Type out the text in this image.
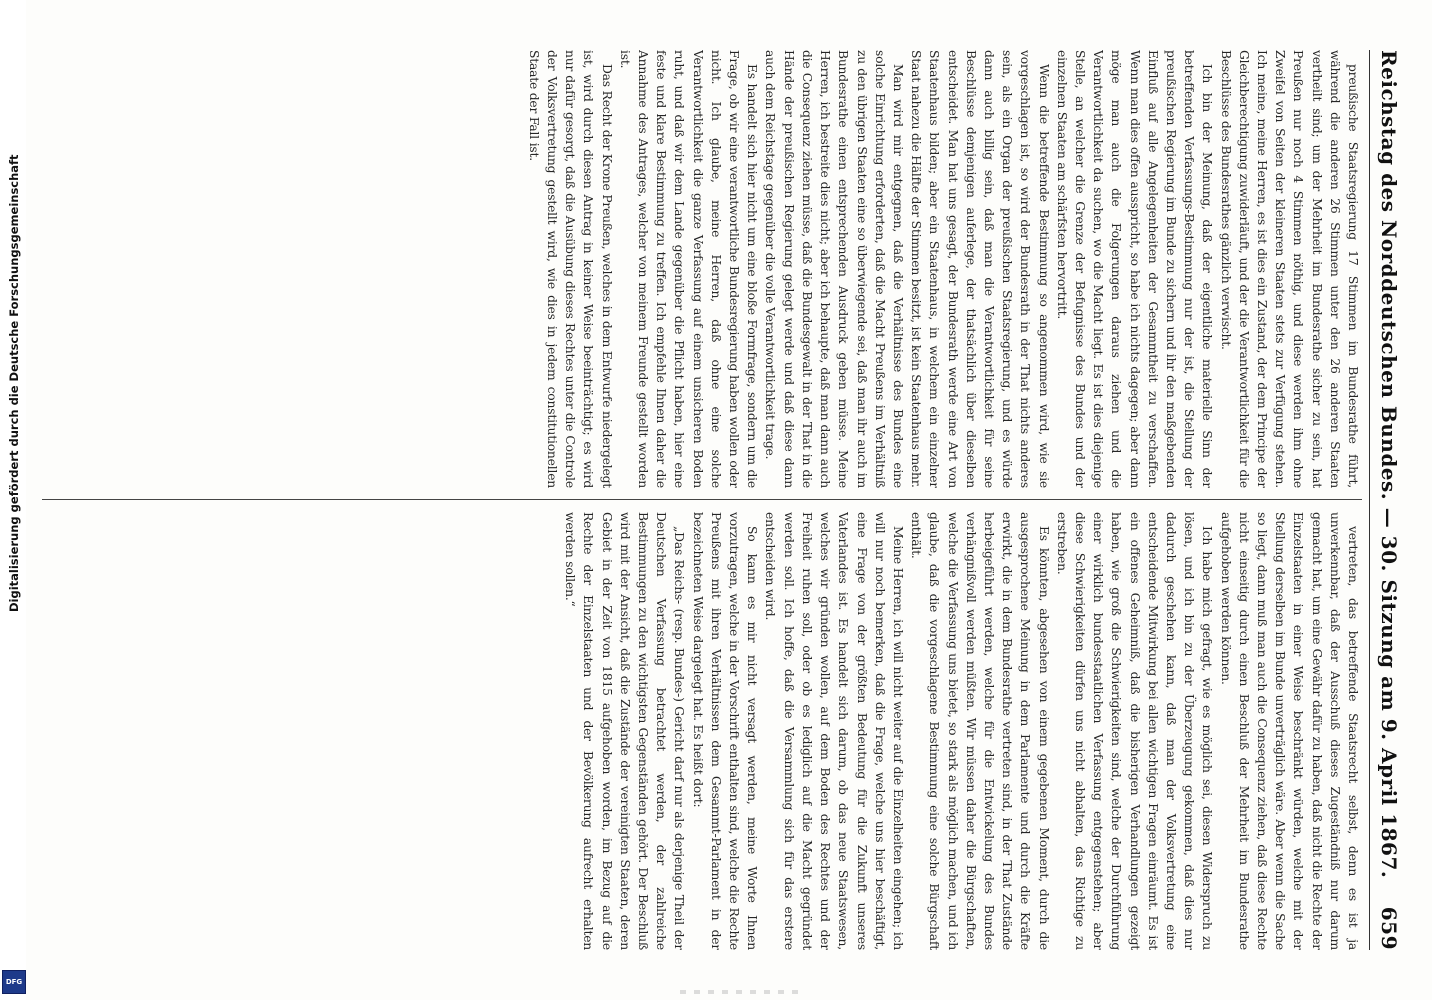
Reichstag des Norddeutschen Bundes. — 30. Sitzung am 9. April 1867.
659

preußische Staatsregierung 17 Stimmen im Bundesrathe führt, während die anderen 26 Stimmen unter den 26 anderen Staaten vertheilt sind; um der Mehrheit im Bundesrathe sicher zu sein, hat Preußen nur noch 4 Stimmen nöthig, und diese werden ihm ohne Zweifel von Seiten der kleineren Staaten stets zur Verfügung stehen. Ich meine, meine Herren, es ist dies ein Zustand, der dem Principe der Gleichberechtigung zuwiderläuft, und der die Verantwortlichkeit für die Beschlüsse des Bundesrathes gänzlich verwischt.

Ich bin der Meinung, daß der eigentliche materielle Sinn der betreffenden Verfassungs-Bestimmung nur der ist, die Stellung der preußischen Regierung im Bunde zu sichern und ihr den maßgebenden Einfluß auf alle Angelegenheiten der Gesammtheit zu verschaffen. Wenn man dies offen ausspricht, so habe ich nichts dagegen; aber dann möge man auch die Folgerungen daraus ziehen und die Verantwortlichkeit da suchen, wo die Macht liegt. Es ist dies diejenige Stelle, an welcher die Grenze der Befugnisse des Bundes und der einzelnen Staaten am schärfsten hervortritt.

Wenn die betreffende Bestimmung so angenommen wird, wie sie vorgeschlagen ist, so wird der Bundesrath in der That nichts anderes sein, als ein Organ der preußischen Staatsregierung, und es würde dann auch billig sein, daß man die Verantwortlichkeit für seine Beschlüsse demjenigen auferlege, der thatsächlich über dieselben entscheidet. Man hat uns gesagt, der Bundesrath werde eine Art von Staatenhaus bilden; aber ein Staatenhaus, in welchem ein einzelner Staat nahezu die Hälfte der Stimmen besitzt, ist kein Staatenhaus mehr.

Man wird mir entgegnen, daß die Verhältnisse des Bundes eine solche Einrichtung erforderten, daß die Macht Preußens im Verhältniß zu den übrigen Staaten eine so überwiegende sei, daß man ihr auch im Bundesrathe einen entsprechenden Ausdruck geben müsse. Meine Herren, ich bestreite dies nicht; aber ich behaupte, daß man dann auch die Consequenz ziehen müsse, daß die Bundesgewalt in der That in die Hände der preußischen Regierung gelegt werde und daß diese dann auch dem Reichstage gegenüber die volle Verantwortlichkeit trage.

Es handelt sich hier nicht um eine bloße Formfrage, sondern um die Frage, ob wir eine verantwortliche Bundesregierung haben wollen oder nicht. Ich glaube, meine Herren, daß ohne eine solche Verantwortlichkeit die ganze Verfassung auf einem unsicheren Boden ruht, und daß wir dem Lande gegenüber die Pflicht haben, hier eine feste und klare Bestimmung zu treffen. Ich empfehle Ihnen daher die Annahme des Antrages, welcher von meinem Freunde gestellt worden ist.

Das Recht der Krone Preußen, welches in dem Entwurfe niedergelegt ist, wird durch diesen Antrag in keiner Weise beeinträchtigt; es wird nur dafür gesorgt, daß die Ausübung dieses Rechtes unter die Controle der Volksvertretung gestellt wird, wie dies in jedem constitutionellen Staate der Fall ist.

vertreten, das betreffende Staatsrecht selbst, denn es ist ja unverkennbar, daß der Ausschuß dieses Zugeständniß nur darum gemacht hat, um eine Gewähr dafür zu haben, daß nicht die Rechte der Einzelstaaten in einer Weise beschränkt würden, welche mit der Stellung derselben im Bunde unverträglich wäre. Aber wenn die Sache so liegt, dann muß man auch die Consequenz ziehen, daß diese Rechte nicht einseitig durch einen Beschluß der Mehrheit im Bundesrathe aufgehoben werden können.

Ich habe mich gefragt, wie es möglich sei, diesen Widerspruch zu lösen, und ich bin zu der Überzeugung gekommen, daß dies nur dadurch geschehen kann, daß man der Volksvertretung eine entscheidende Mitwirkung bei allen wichtigen Fragen einräumt. Es ist ein offenes Geheimniß, daß die bisherigen Verhandlungen gezeigt haben, wie groß die Schwierigkeiten sind, welche der Durchführung einer wirklich bundesstaatlichen Verfassung entgegenstehen; aber diese Schwierigkeiten dürfen uns nicht abhalten, das Richtige zu erstreben.

Es könnten, abgesehen von einem gegebenen Moment, durch die ausgesprochene Meinung in dem Parlamente und durch die Kräfte erwirkt, die in dem Bundesrathe vertreten sind, in der That Zustände herbeigeführt werden, welche für die Entwickelung des Bundes verhängnißvoll werden müßten. Wir müssen daher die Bürgschaften, welche die Verfassung uns bietet, so stark als möglich machen, und ich glaube, daß die vorgeschlagene Bestimmung eine solche Bürgschaft enthält.

Meine Herren, ich will nicht weiter auf die Einzelheiten eingehen; ich will nur noch bemerken, daß die Frage, welche uns hier beschäftigt, eine Frage von der größten Bedeutung für die Zukunft unseres Vaterlandes ist. Es handelt sich darum, ob das neue Staatswesen, welches wir gründen wollen, auf dem Boden des Rechtes und der Freiheit ruhen soll, oder ob es lediglich auf die Macht gegründet werden soll. Ich hoffe, daß die Versammlung sich für das erstere entscheiden wird.

So kann es mir nicht versagt werden, meine Worte Ihnen vorzutragen, welche in der Vorschrift enthalten sind, welche die Rechte Preußens mit ihren Verhältnissen dem Gesammt-Parlament in der bezeichneten Weise dargelegt hat. Es heißt dort:

„Das Reichs- (resp. Bundes-) Gericht darf nur als derjenige Theil der Deutschen Verfassung betrachtet werden, der zahlreiche Bestimmungen zu den wichtigsten Gegenständen gehört. Der Beschluß wird mit der Ansicht, daß die Zustände der vereinigten Staaten, deren Gebiet in der Zeit von 1815 aufgehoben worden, im Bezug auf die Rechte der Einzelstaaten und der Bevölkerung aufrecht erhalten werden sollen.“

Digitalisierung gefördert durch die Deutsche Forschungsgemeinschaft
DFG
